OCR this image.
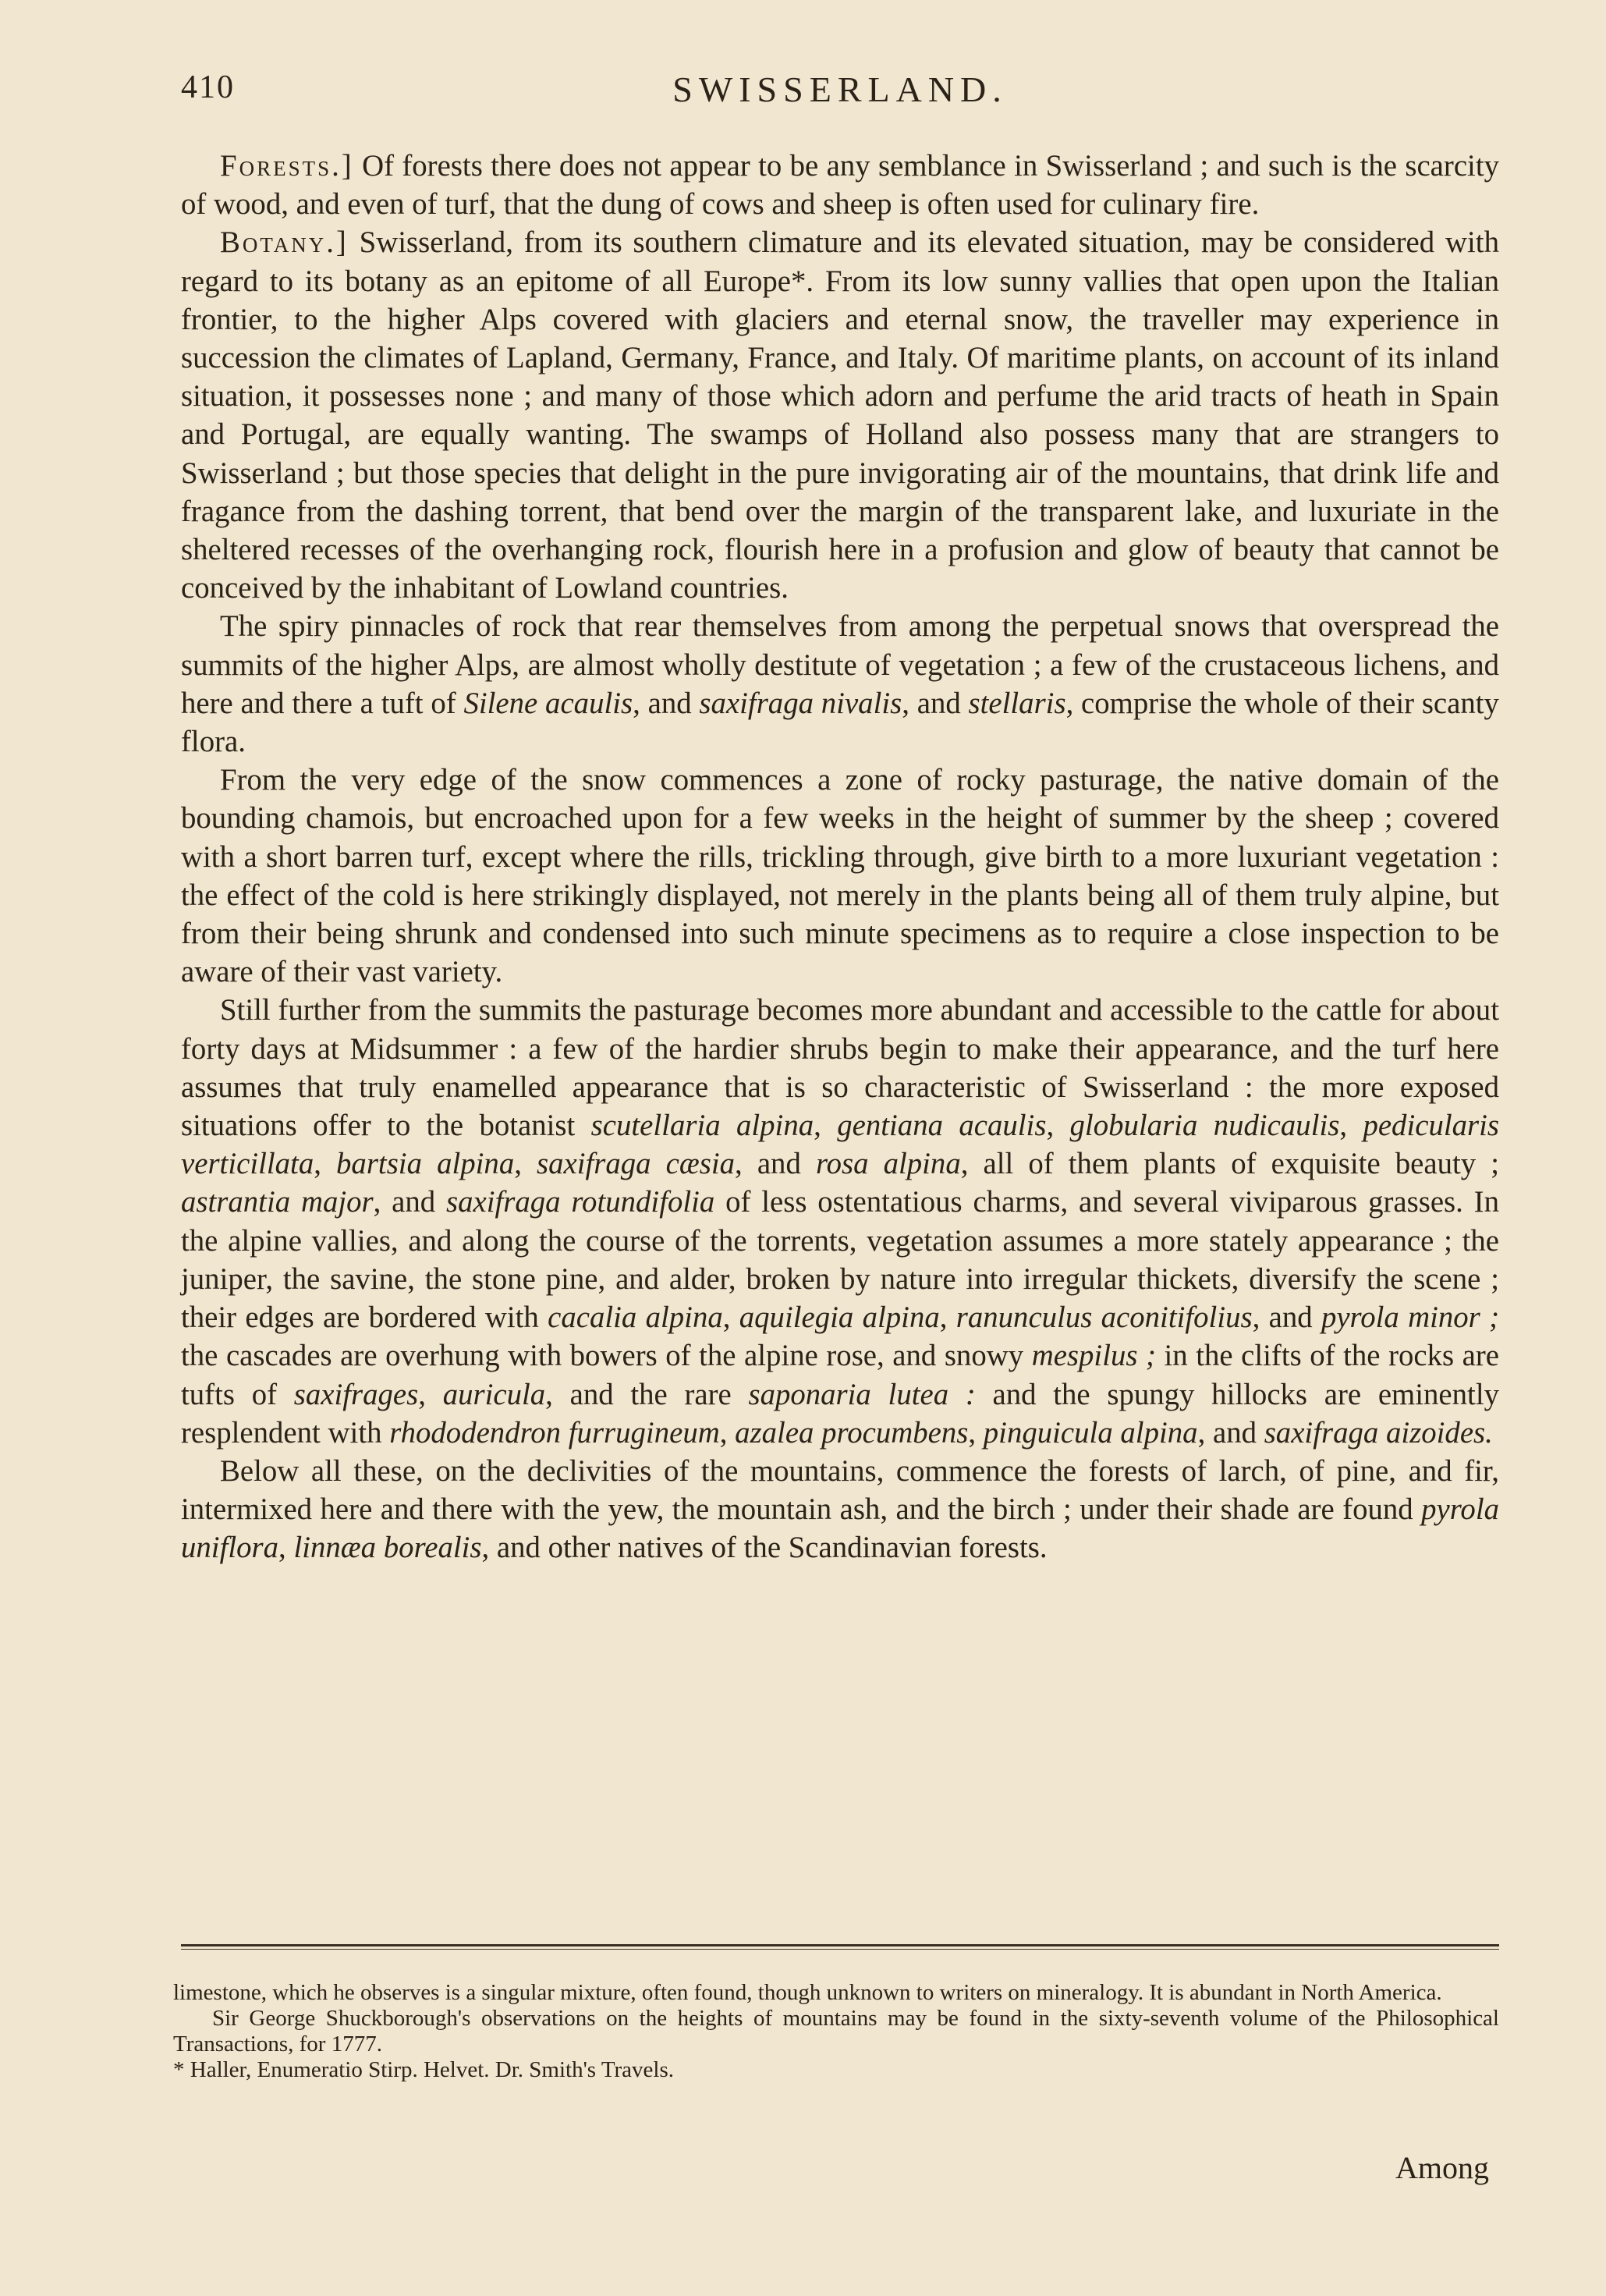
410	SWISSERLAND.

Forests.] Of forests there does not appear to be any semblance in Swisserland ; and such is the scarcity of wood, and even of turf, that the dung of cows and sheep is often used for culinary fire.

Botany.] Swisserland, from its southern climature and its elevated situation, may be considered with regard to its botany as an epitome of all Europe*. From its low sunny vallies that open upon the Italian frontier, to the higher Alps covered with glaciers and eternal snow, the traveller may experience in succession the climates of Lapland, Germany, France, and Italy. Of maritime plants, on account of its inland situation, it possesses none ; and many of those which adorn and perfume the arid tracts of heath in Spain and Portugal, are equally wanting. The swamps of Holland also possess many that are strangers to Swisserland ; but those species that delight in the pure invigorating air of the mountains, that drink life and fragance from the dashing torrent, that bend over the margin of the transparent lake, and luxuriate in the sheltered recesses of the overhanging rock, flourish here in a profusion and glow of beauty that cannot be conceived by the inhabitant of Lowland countries.

The spiry pinnacles of rock that rear themselves from among the perpetual snows that overspread the summits of the higher Alps, are almost wholly destitute of vegetation ; a few of the crustaceous lichens, and here and there a tuft of Silene acaulis, and saxifraga nivalis, and stellaris, comprise the whole of their scanty flora.

From the very edge of the snow commences a zone of rocky pasturage, the native domain of the bounding chamois, but encroached upon for a few weeks in the height of summer by the sheep ; covered with a short barren turf, except where the rills, trickling through, give birth to a more luxuriant vegetation : the effect of the cold is here strikingly displayed, not merely in the plants being all of them truly alpine, but from their being shrunk and condensed into such minute specimens as to require a close inspection to be aware of their vast variety.

Still further from the summits the pasturage becomes more abundant and accessible to the cattle for about forty days at Midsummer : a few of the hardier shrubs begin to make their appearance, and the turf here assumes that truly enamelled appearance that is so characteristic of Swisserland : the more exposed situations offer to the botanist scutellaria alpina, gentiana acaulis, globularia nudicaulis, pedicularis verticillata, bartsia alpina, saxifraga cæsia, and rosa alpina, all of them plants of exquisite beauty ; astrantia major, and saxifraga rotundifolia of less ostentatious charms, and several viviparous grasses. In the alpine vallies, and along the course of the torrents, vegetation assumes a more stately appearance ; the juniper, the savine, the stone pine, and alder, broken by nature into irregular thickets, diversify the scene ; their edges are bordered with cacalia alpina, aquilegia alpina, ranunculus aconitifolius, and pyrola minor ; the cascades are overhung with bowers of the alpine rose, and snowy mespilus ; in the clifts of the rocks are tufts of saxifrages, auricula, and the rare saponaria lutea : and the spungy hillocks are eminently resplendent with rhododendron furrugineum, azalea procumbens, pinguicula alpina, and saxifraga aizoides.

Below all these, on the declivities of the mountains, commence the forests of larch, of pine, and fir, intermixed here and there with the yew, the mountain ash, and the birch ; under their shade are found pyrola uniflora, linnæa borealis, and other natives of the Scandinavian forests.

limestone, which he observes is a singular mixture, often found, though unknown to writers on mineralogy. It is abundant in North America.

Sir George Shuckborough's observations on the heights of mountains may be found in the sixty-seventh volume of the Philosophical Transactions, for 1777.

* Haller, Enumeratio Stirp. Helvet. Dr. Smith's Travels.

Among
